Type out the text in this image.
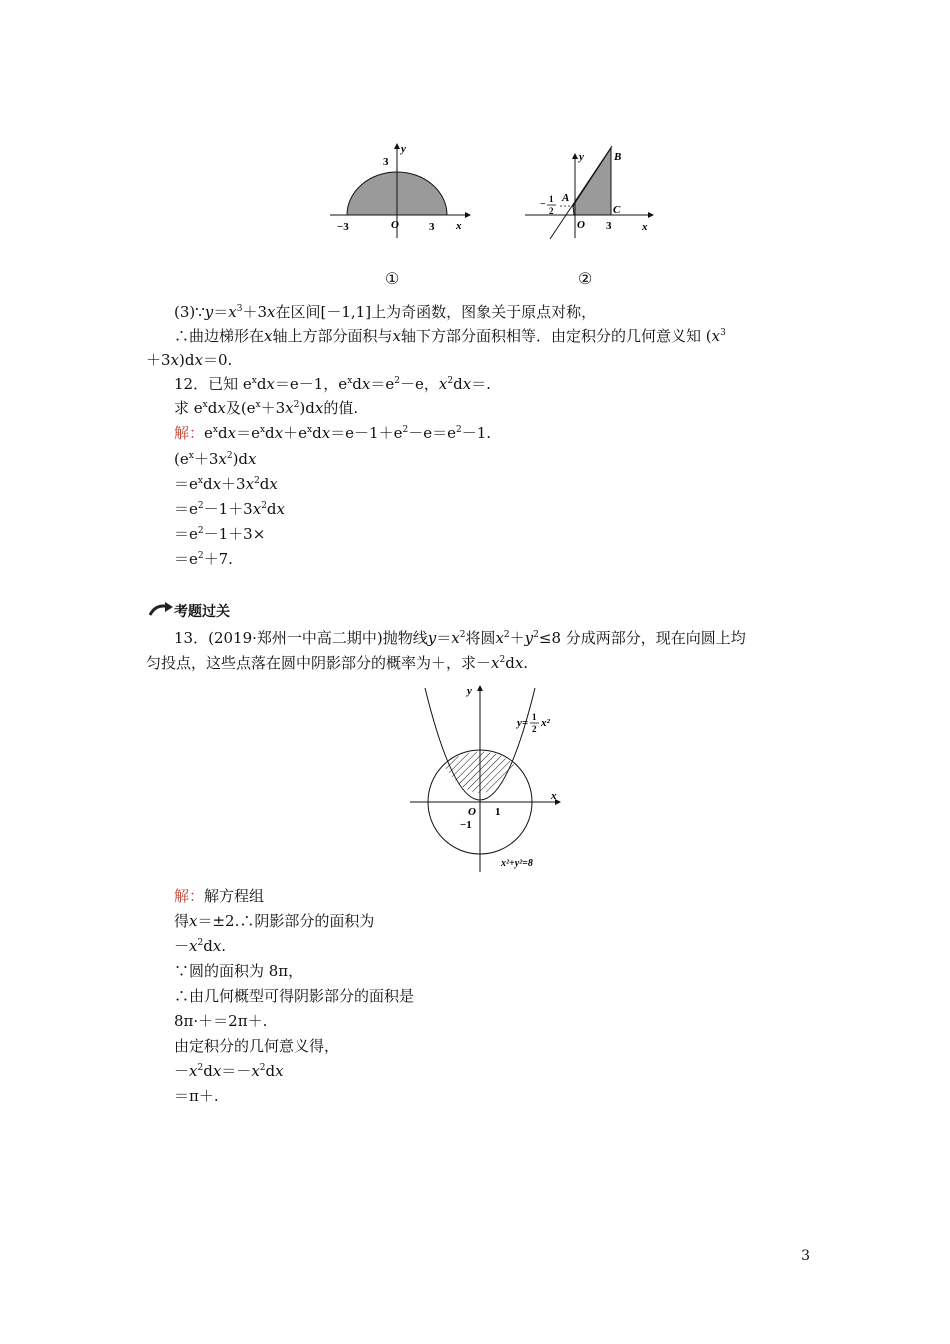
y
x
3
−3	O	3
①
y
x
B
A
C
O 3
− 1
2
②
$(3)\because y=x^3+3x$在区间[－1,1]上为奇函数，图象关于原点对称，
∴曲边梯形在x轴上方部分面积与x轴下方部分面积相等．由定积分的几何意义知 ($x^3$
＋3x)dx＝0.
12．已知 $e^xdx=e-1$，$e^xdx=e^2-e$，$x^2dx=$.
求 $e^xdx$及$(e^x+3x^2)dx$的值.
解：$e^xdx=e^xdx+e^xdx=e-1+e^2-e=e^2-1$.
$(e^x+3x^2)dx$
$=e^xdx+3x^2dx$
$=e^2-1+3x^2dx$
$=e^2-1+3\times$
$=e^2+7$.
考题过关
13．(2019·郑州一中高二期中)抛物线$y=x^2$将圆$x^2+y^2\le 8$ 分成两部分，现在向圆上均
匀投点，这些点落在圆中阴影部分的概率为＋，求$-x^2dx$.
y
x
O 1
−1
y= 1
2 x²
x²+y²=8
解：解方程组
得x＝±2.∴阴影部分的面积为
$-x^2dx$.
∵圆的面积为 8π，
∴由几何概型可得阴影部分的面积是
8π·＋＝2π＋.
由定积分的几何意义得，
$-x^2dx=-x^2dx$
＝π＋.
3
